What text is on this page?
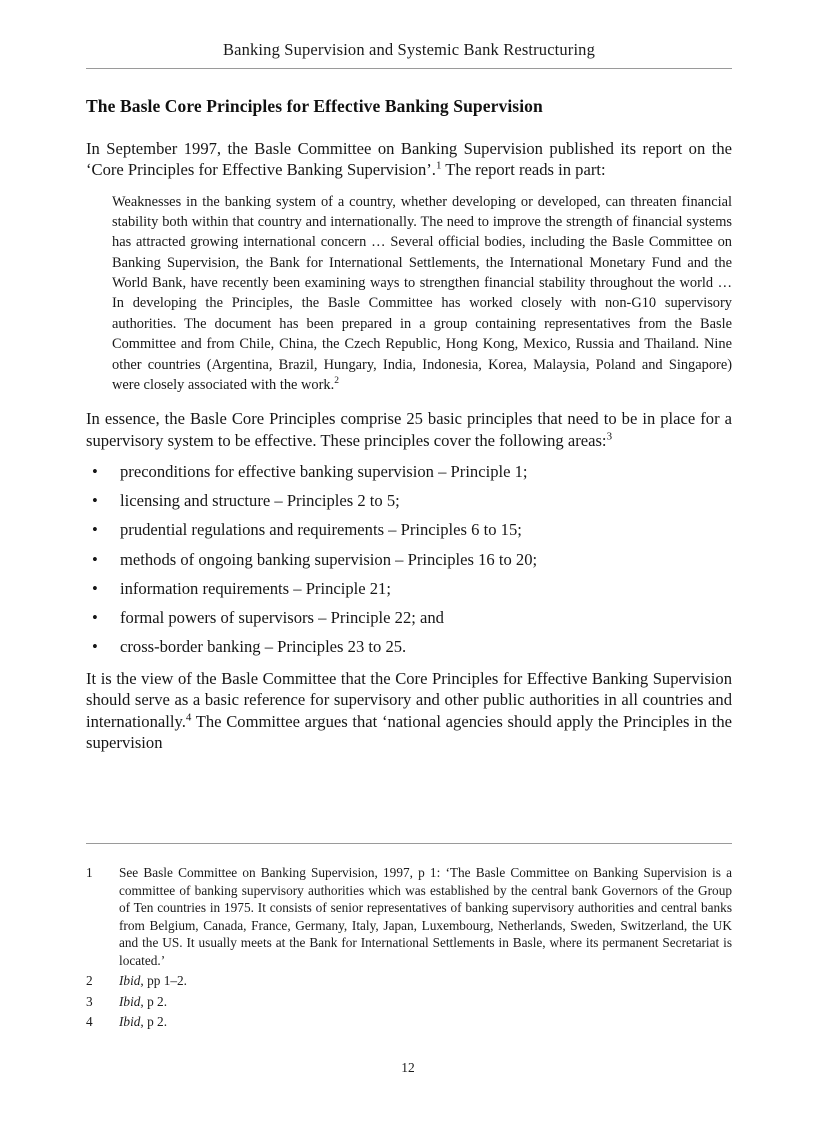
Banking Supervision and Systemic Bank Restructuring
The Basle Core Principles for Effective Banking Supervision

In September 1997, the Basle Committee on Banking Supervision published its report on the ‘Core Principles for Effective Banking Supervision’.$^1$ The report reads in part:

Weaknesses in the banking system of a country, whether developing or developed, can threaten financial stability both within that country and internationally. The need to improve the strength of financial systems has attracted growing international concern … Several official bodies, including the Basle Committee on Banking Supervision, the Bank for International Settlements, the International Monetary Fund and the World Bank, have recently been examining ways to strengthen financial stability throughout the world … In developing the Principles, the Basle Committee has worked closely with non-G10 supervisory authorities. The document has been prepared in a group containing representatives from the Basle Committee and from Chile, China, the Czech Republic, Hong Kong, Mexico, Russia and Thailand. Nine other countries (Argentina, Brazil, Hungary, India, Indonesia, Korea, Malaysia, Poland and Singapore) were closely associated with the work.$^2$

In essence, the Basle Core Principles comprise 25 basic principles that need to be in place for a supervisory system to be effective. These principles cover the following areas:$^3$

• preconditions for effective banking supervision – Principle 1;
• licensing and structure – Principles 2 to 5;
• prudential regulations and requirements – Principles 6 to 15;
• methods of ongoing banking supervision – Principles 16 to 20;
• information requirements – Principle 21;
• formal powers of supervisors – Principle 22; and
• cross-border banking – Principles 23 to 25.

It is the view of the Basle Committee that the Core Principles for Effective Banking Supervision should serve as a basic reference for supervisory and other public authorities in all countries and internationally.$^4$ The Committee argues that ‘national agencies should apply the Principles in the supervision

1	See Basle Committee on Banking Supervision, 1997, p 1: ‘The Basle Committee on Banking Supervision is a committee of banking supervisory authorities which was established by the central bank Governors of the Group of Ten countries in 1975. It consists of senior representatives of banking supervisory authorities and central banks from Belgium, Canada, France, Germany, Italy, Japan, Luxembourg, Netherlands, Sweden, Switzerland, the UK and the US. It usually meets at the Bank for International Settlements in Basle, where its permanent Secretariat is located.’
2	Ibid, pp 1–2.
3	Ibid, p 2.
4	Ibid, p 2.
12
